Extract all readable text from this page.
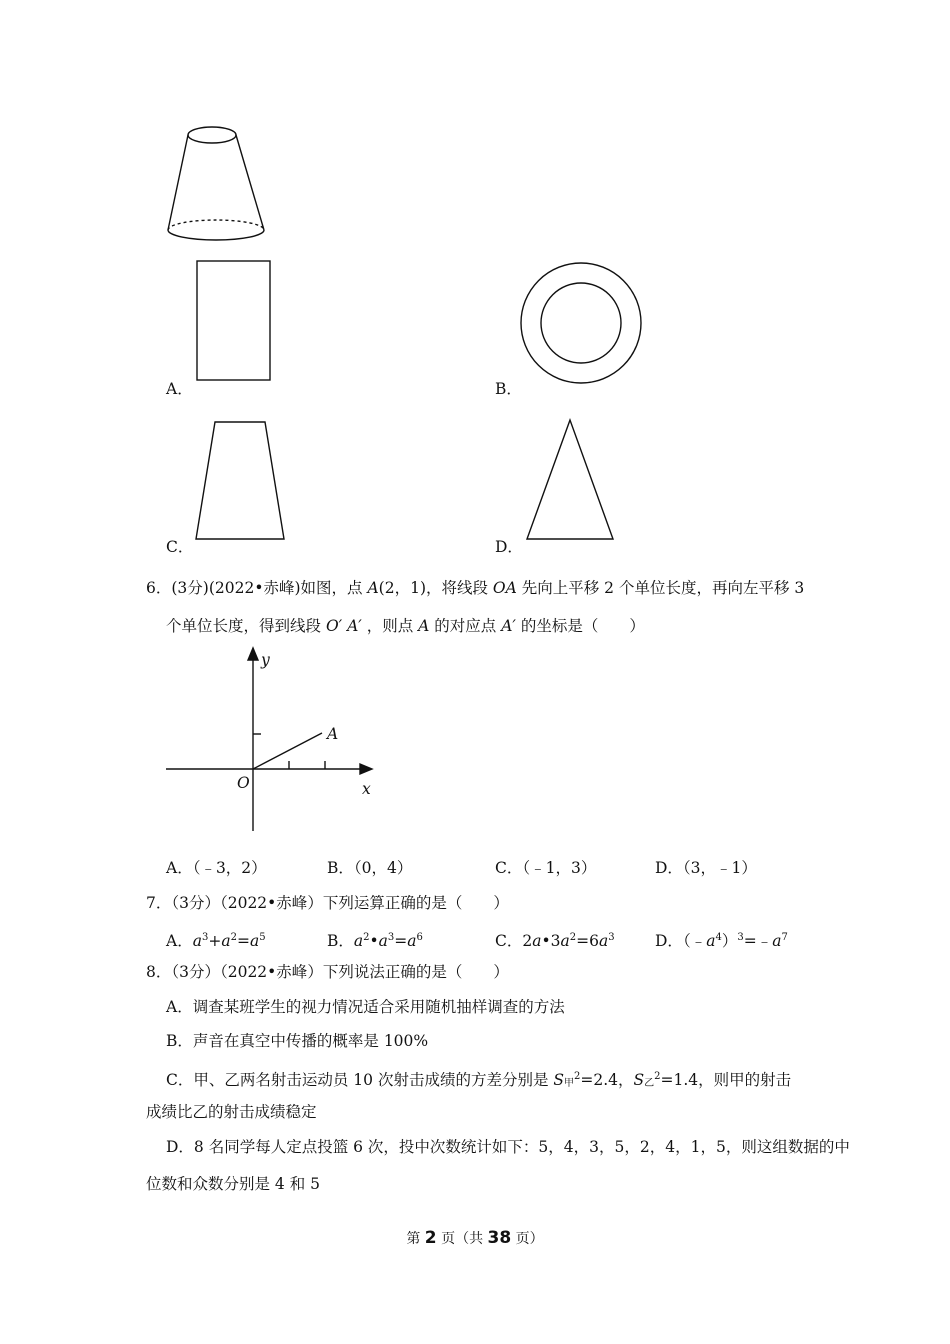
A．	B．
C．	D．
6．(3分)(2022•赤峰)如图，点 A(2，1)，将线段 OA 先向上平移 2 个单位长度，再向左平移 3
个单位长度，得到线段 O′ A′ ，则点 A 的对应点 A′ 的坐标是（　　）
y
x
O
A
A．（﹣3，2）	B．（0，4）	C．（﹣1，3）	D．（3，﹣1）
7．（3分）（2022•赤峰）下列运算正确的是（　　）
A．$a^3+a^2=a^5$	B．$a^2•a^3=a^6$	C．$2a•3a^2=6a^3$	D．$(﹣a^4)^3=﹣a^7$
8．（3分）（2022•赤峰）下列说法正确的是（　　）
A．调查某班学生的视力情况适合采用随机抽样调查的方法
B．声音在真空中传播的概率是 100%
C．甲、乙两名射击运动员 10 次射击成绩的方差分别是 S甲$^2$=2.4，S乙$^2$=1.4，则甲的射击
成绩比乙的射击成绩稳定
D．8 名同学每人定点投篮 6 次，投中次数统计如下：5，4，3，5，2，4，1，5，则这组数据的中
位数和众数分别是 4 和 5
第 2 页（共 38 页）
